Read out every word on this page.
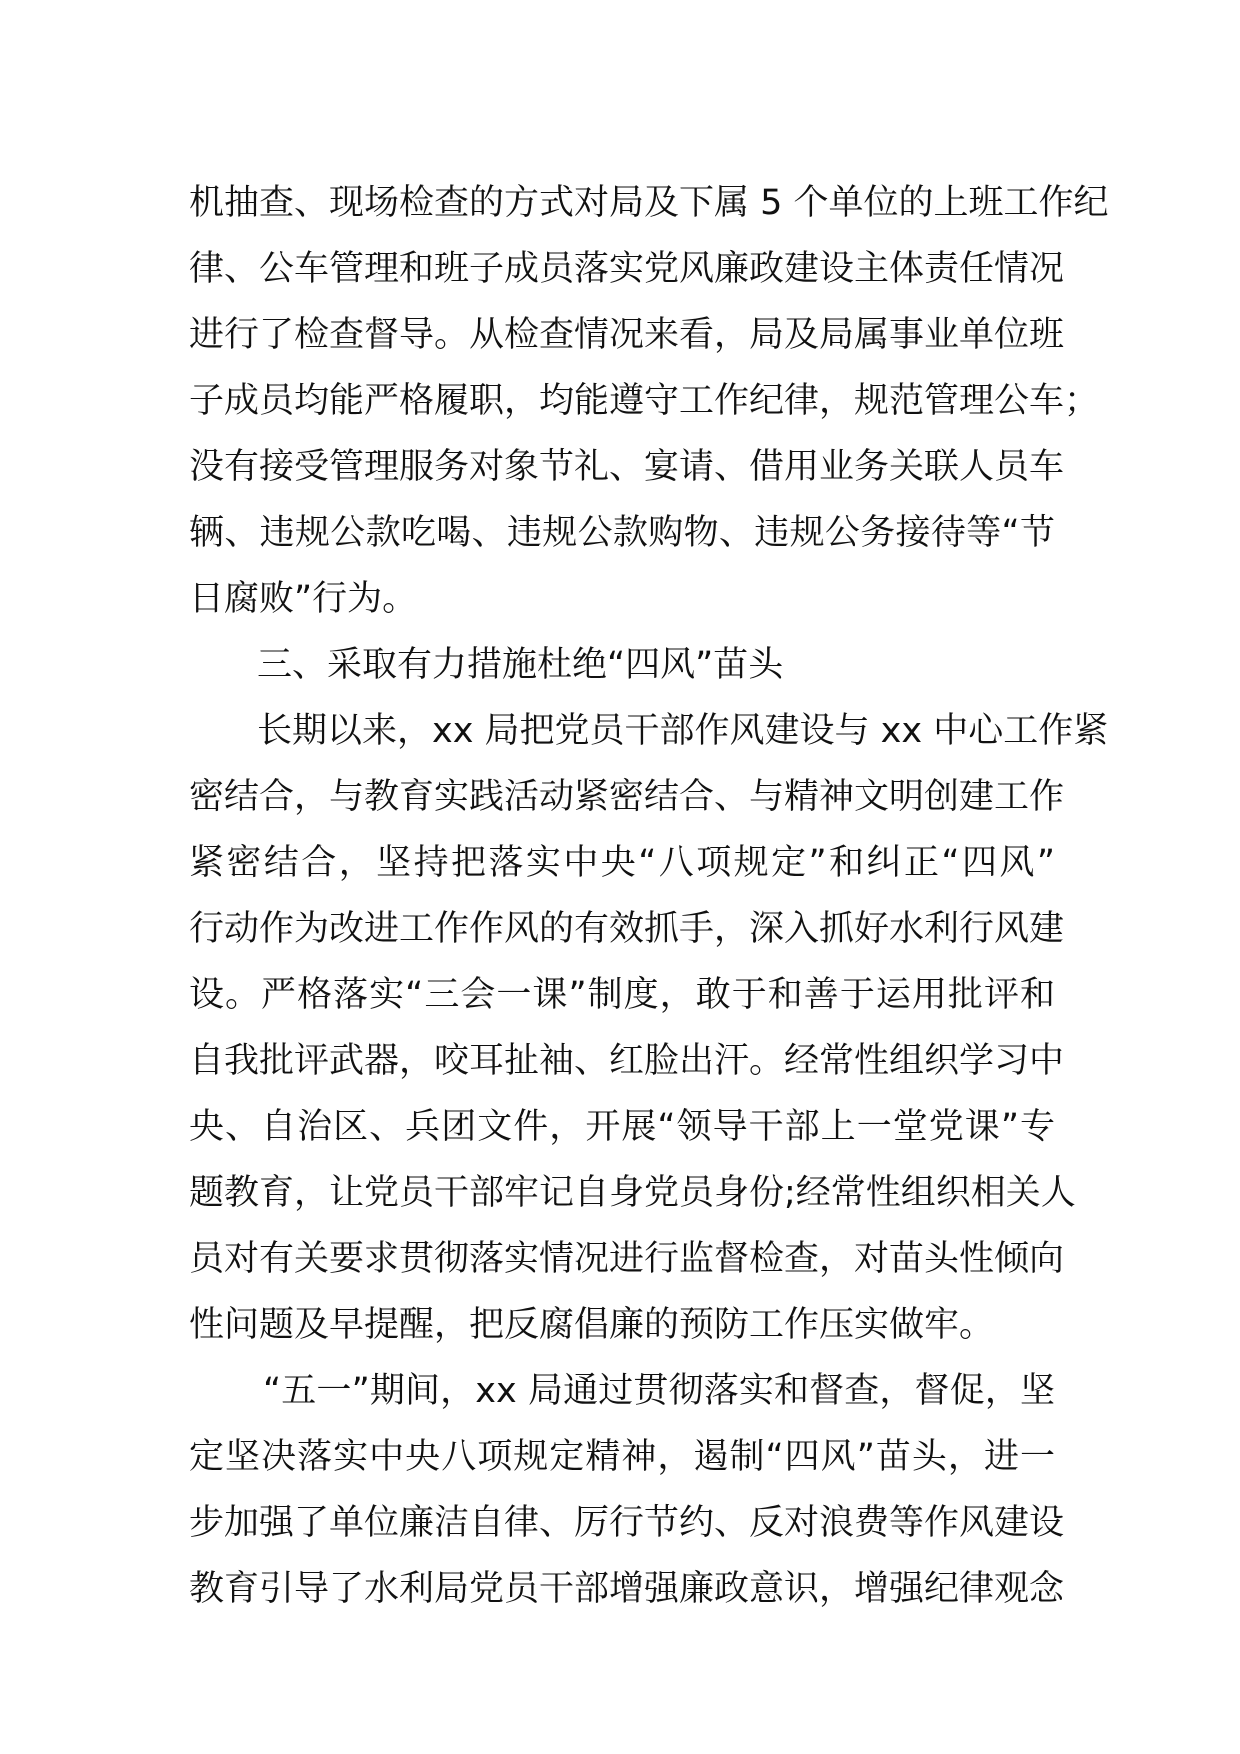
机抽查、现场检查的方式对局及下属 5 个单位的上班工作纪
律、公车管理和班子成员落实党风廉政建设主体责任情况
进行了检查督导。从检查情况来看，局及局属事业单位班
子成员均能严格履职，均能遵守工作纪律，规范管理公车；
没有接受管理服务对象节礼、宴请、借用业务关联人员车
辆、违规公款吃喝、违规公款购物、违规公务接待等“节
日腐败”行为。
三、采取有力措施杜绝“四风”苗头
长期以来，xx 局把党员干部作风建设与 xx 中心工作紧
密结合，与教育实践活动紧密结合、与精神文明创建工作
紧密结合，坚持把落实中央“八项规定”和纠正“四风”
行动作为改进工作作风的有效抓手，深入抓好水利行风建
设。严格落实“三会一课”制度，敢于和善于运用批评和
自我批评武器，咬耳扯袖、红脸出汗。经常性组织学习中
央、自治区、兵团文件，开展“领导干部上一堂党课”专
题教育，让党员干部牢记自身党员身份;经常性组织相关人
员对有关要求贯彻落实情况进行监督检查，对苗头性倾向
性问题及早提醒，把反腐倡廉的预防工作压实做牢。
“五一”期间，xx 局通过贯彻落实和督查，督促，坚
定坚决落实中央八项规定精神，遏制“四风”苗头，进一
步加强了单位廉洁自律、厉行节约、反对浪费等作风建设
教育引导了水利局党员干部增强廉政意识，增强纪律观念
